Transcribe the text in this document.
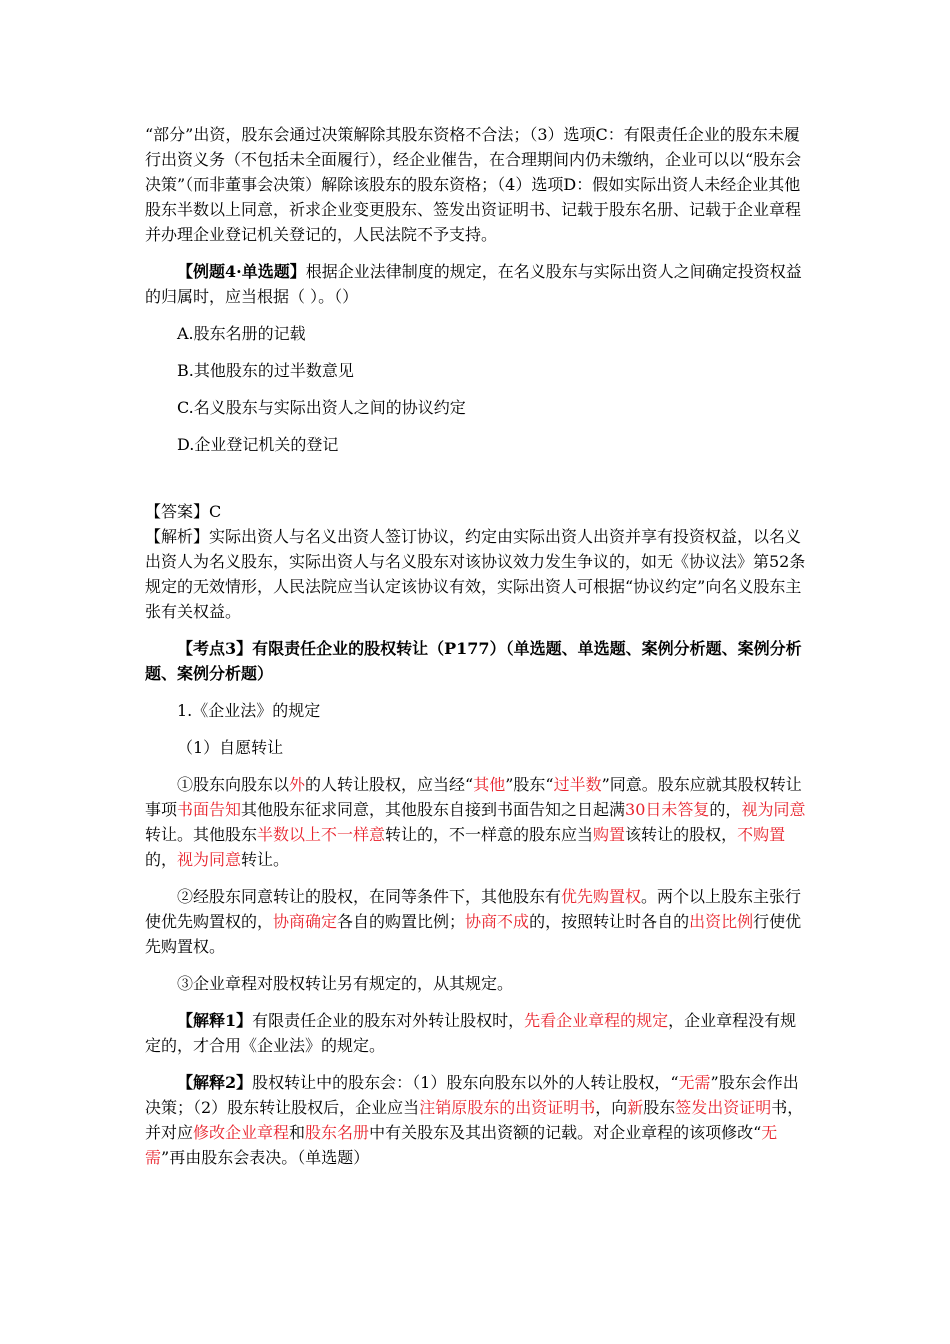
“部分”出资，股东会通过决策解除其股东资格不合法；（3）选项C：有限责任企业的股东未履行出资义务（不包括未全面履行），经企业催告，在合理期间内仍未缴纳，企业可以以“股东会决策”（而非董事会决策）解除该股东的股东资格；（4）选项D：假如实际出资人未经企业其他股东半数以上同意，祈求企业变更股东、签发出资证明书、记载于股东名册、记载于企业章程并办理企业登记机关登记的，人民法院不予支持。

【例题4·单选题】根据企业法律制度的规定，在名义股东与实际出资人之间确定投资权益的归属时，应当根据（ ）。（）

A.股东名册的记载

B.其他股东的过半数意见

C.名义股东与实际出资人之间的协议约定

D.企业登记机关的登记

【答案】C

【解析】实际出资人与名义出资人签订协议，约定由实际出资人出资并享有投资权益，以名义出资人为名义股东，实际出资人与名义股东对该协议效力发生争议的，如无《协议法》第52条规定的无效情形，人民法院应当认定该协议有效，实际出资人可根据“协议约定”向名义股东主张有关权益。

【考点3】有限责任企业的股权转让（P177）（单选题、单选题、案例分析题、案例分析题、案例分析题）

1.《企业法》的规定

（1）自愿转让

①股东向股东以外的人转让股权，应当经“其他”股东“过半数”同意。股东应就其股权转让事项书面告知其他股东征求同意，其他股东自接到书面告知之日起满30日未答复的，视为同意转让。其他股东半数以上不一样意转让的，不一样意的股东应当购置该转让的股权，不购置的，视为同意转让。

②经股东同意转让的股权，在同等条件下，其他股东有优先购置权。两个以上股东主张行使优先购置权的，协商确定各自的购置比例；协商不成的，按照转让时各自的出资比例行使优先购置权。

③企业章程对股权转让另有规定的，从其规定。

【解释1】有限责任企业的股东对外转让股权时，先看企业章程的规定，企业章程没有规定的，才合用《企业法》的规定。

【解释2】股权转让中的股东会：（1）股东向股东以外的人转让股权，“无需”股东会作出决策；（2）股东转让股权后，企业应当注销原股东的出资证明书，向新股东签发出资证明书，并对应修改企业章程和股东名册中有关股东及其出资额的记载。对企业章程的该项修改“无需”再由股东会表决。（单选题）
